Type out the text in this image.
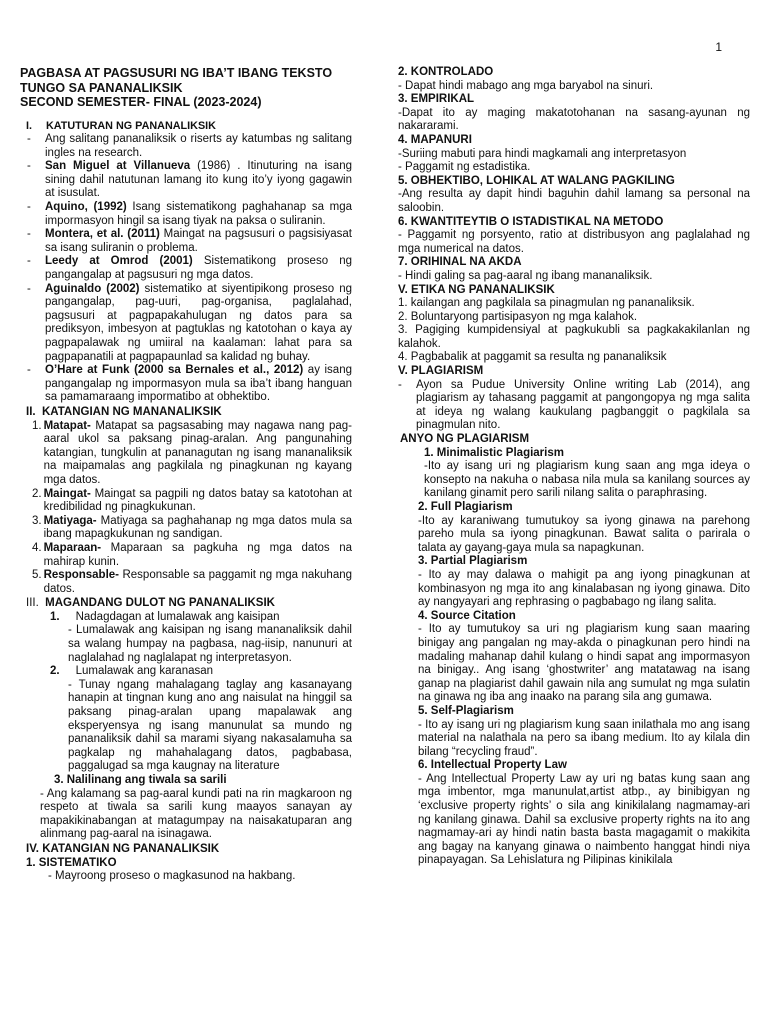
1
PAGBASA AT PAGSUSURI NG IBA’T IBANG TEKSTO
TUNGO SA PANANALIKSIK
SECOND SEMESTER- FINAL (2023-2024)
I. KATUTURAN NG PANANALIKSIK
-	Ang salitang pananaliksik o riserts ay katumbas ng salitang ingles na research.
-	San Miguel at Villanueva (1986) . Itinuturing na isang sining dahil natutunan lamang ito kung ito’y iyong gagawin at isusulat.
-	Aquino, (1992) Isang sistematikong paghahanap sa mga impormasyon hingil sa isang tiyak na paksa o suliranin.
-	Montera, et al. (2011) Maingat na pagsusuri o pagsisiyasat sa isang suliranin o problema.
-	Leedy at Omrod (2001) Sistematikong proseso ng pangangalap at pagsusuri ng mga datos.
-	Aguinaldo (2002) sistematiko at siyentipikong proseso ng pangangalap, pag-uuri, pag-organisa, paglalahad, pagsusuri at pagpapakahulugan ng datos para sa prediksyon, imbesyon at pagtuklas ng katotohan o kaya ay pagpapalawak ng umiiral na kaalaman: lahat para sa pagpapanatili at pagpapaunlad sa kalidad ng buhay.
-	O’Hare at Funk (2000 sa Bernales et al., 2012) ay isang pangangalap ng impormasyon mula sa iba’t ibang hanguan sa pamamaraang impormatibo at obhektibo.
II. KATANGIAN NG MANANALIKSIK
1. Matapat- Matapat sa pagsasabing may nagawa nang pag-aaral ukol sa paksang pinag-aralan. Ang pangunahing katangian, tungkulin at pananagutan ng isang mananaliksik na maipamalas ang pagkilala ng pinagkunan ng kayang mga datos.
2. Maingat- Maingat sa pagpili ng datos batay sa katotohan at kredibilidad ng pinagkukunan.
3. Matiyaga- Matiyaga sa paghahanap ng mga datos mula sa ibang mapagkukunan ng sandigan.
4. Maparaan- Maparaan sa pagkuha ng mga datos na mahirap kunin.
5. Responsable- Responsable sa paggamit ng mga nakuhang datos.
III. MAGANDANG DULOT NG PANANALIKSIK
1. Nadagdagan at lumalawak ang kaisipan
- Lumalawak ang kaisipan ng isang mananaliksik dahil sa walang humpay na pagbasa, nag-iisip, nanunuri at naglalahad ng naglalapat ng interpretasyon.
2. Lumalawak ang karanasan
- Tunay ngang mahalagang taglay ang kasanayang hanapin at tingnan kung ano ang naisulat na hinggil sa paksang pinag-aralan upang mapalawak ang eksperyensya ng isang manunulat sa mundo ng pananaliksik dahil sa marami siyang nakasalamuha sa pagkalap ng mahahalagang datos, pagbabasa, paggalugad sa mga kaugnay na literature
3. Nalilinang ang tiwala sa sarili
- Ang kalamang sa pag-aaral kundi pati na rin magkaroon ng respeto at tiwala sa sarili kung maayos sanayan ay mapakikinabangan at matagumpay na naisakatuparan ang alinmang pag-aaral na isinagawa.
IV. KATANGIAN NG PANANALIKSIK
1. SISTEMATIKO
- Mayroong proseso o magkasunod na hakbang.
2. KONTROLADO
- Dapat hindi mabago ang mga baryabol na sinuri.
3. EMPIRIKAL
-Dapat ito ay maging makatotohanan na sasang-ayunan ng nakararami.
4. MAPANURI
-Suriing mabuti para hindi magkamali ang interpretasyon
- Paggamit ng estadistika.
5. OBHEKTIBO, LOHIKAL AT WALANG PAGKILING
-Ang resulta ay dapit hindi baguhin dahil lamang sa personal na saloobin.
6. KWANTITEYTIB O ISTADISTIKAL NA METODO
- Paggamit ng porsyento, ratio at distribusyon ang paglalahad ng mga numerical na datos.
7. ORIHINAL NA AKDA
- Hindi galing sa pag-aaral ng ibang mananaliksik.
V. ETIKA NG PANANALIKSIK
1. kailangan ang pagkilala sa pinagmulan ng pananaliksik.
2. Boluntaryong partisipasyon ng mga kalahok.
3. Pagiging kumpidensiyal at pagkukubli sa pagkakakilanlan ng kalahok.
4. Pagbabalik at paggamit sa resulta ng pananaliksik
V. PLAGIARISM
-	Ayon sa Pudue University Online writing Lab (2014), ang plagiarism ay tahasang paggamit at pangongopya ng mga salita at ideya ng walang kaukulang pagbanggit o pagkilala sa pinagmulan nito.
ANYO NG PLAGIARISM
1. Minimalistic Plagiarism
-Ito ay isang uri ng plagiarism kung saan ang mga ideya o konsepto na nakuha o nabasa nila mula sa kanilang sources ay kanilang ginamit pero sarili nilang salita o paraphrasing.
2. Full Plagiarism
-Ito ay karaniwang tumutukoy sa iyong ginawa na parehong pareho mula sa iyong pinagkunan. Bawat salita o parirala o talata ay gayang-gaya mula sa napagkunan.
3. Partial Plagiarism
- Ito ay may dalawa o mahigit pa ang iyong pinagkunan at kombinasyon ng mga ito ang kinalabasan ng iyong ginawa. Dito ay nangyayari ang rephrasing o pagbabago ng ilang salita.
4. Source Citation
- Ito ay tumutukoy sa uri ng plagiarism kung saan maaring binigay ang pangalan ng may-akda o pinagkunan pero hindi na madaling mahanap dahil kulang o hindi sapat ang impormasyon na binigay.. Ang isang ‘ghostwriter’ ang matatawag na isang ganap na plagiarist dahil gawain nila ang sumulat ng mga sulatin na ginawa ng iba ang inaako na parang sila ang gumawa.
5. Self-Plagiarism
- Ito ay isang uri ng plagiarism kung saan inilathala mo ang isang material na nalathala na pero sa ibang medium. Ito ay kilala din bilang “recycling fraud”.
6. Intellectual Property Law
- Ang Intellectual Property Law ay uri ng batas kung saan ang mga imbentor, mga manunulat,artist atbp., ay binibigyan ng ‘exclusive property rights’ o sila ang kinikilalang nagmamay-ari ng kanilang ginawa. Dahil sa exclusive property rights na ito ang nagmamay-ari ay hindi natin basta basta magagamit o makikita ang bagay na kanyang ginawa o naimbento hanggat hindi niya pinapayagan. Sa Lehislatura ng Pilipinas kinikilala
